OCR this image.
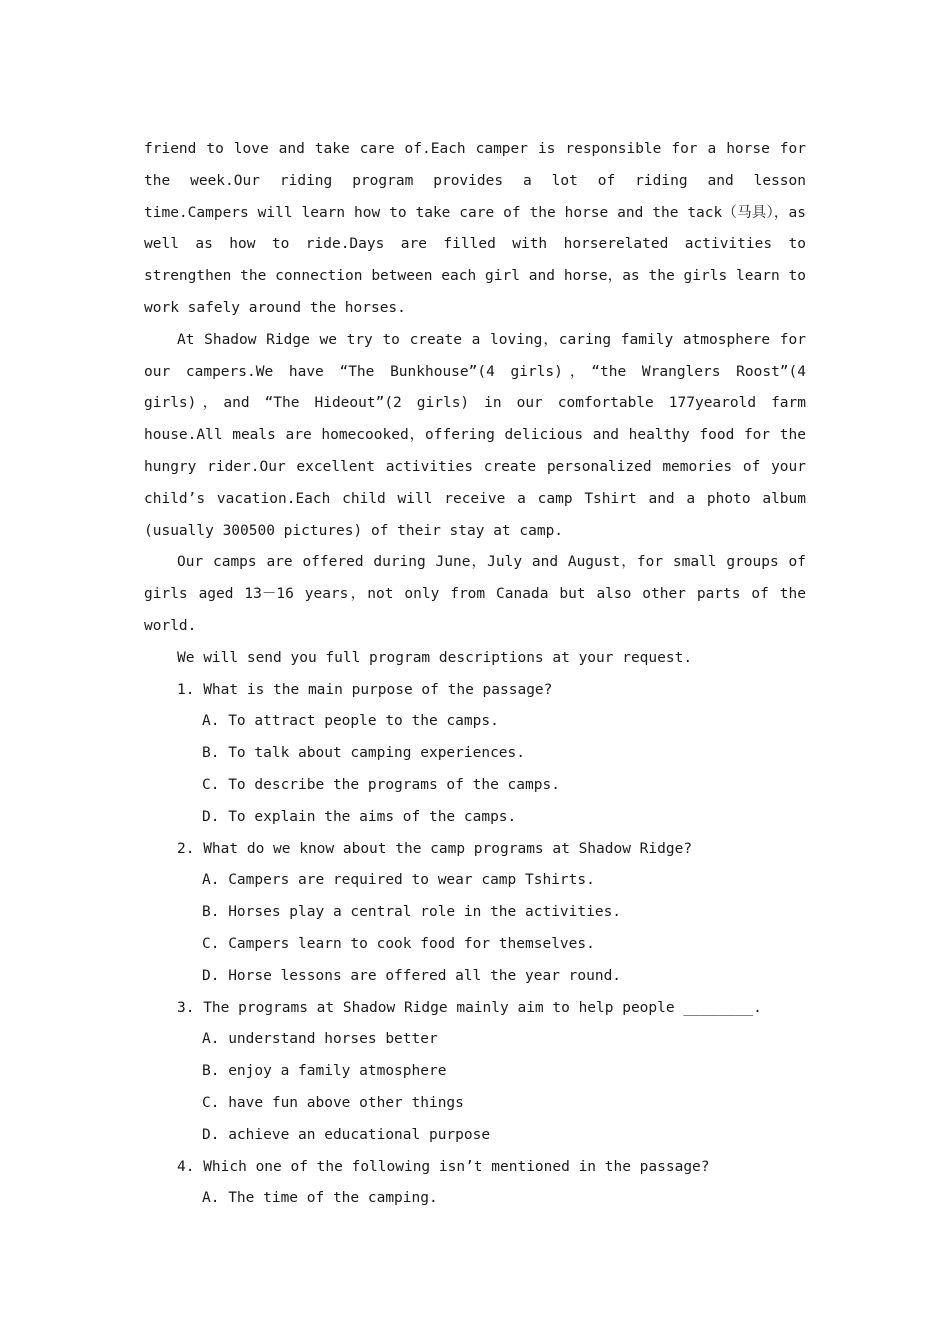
friend to love and take care of.Each camper is responsible for a horse for the week.Our riding program provides a lot of riding and lesson time.Campers will learn how to take care of the horse and the tack（马具），as well as how to ride.Days are filled with horserelated activities to strengthen the connection between each girl and horse，as the girls learn to work safely around the horses.

At Shadow Ridge we try to create a loving，caring family atmosphere for our campers.We have “The Bunkhouse”(4 girls)，“the Wranglers Roost”(4 girls)，and “The Hideout”(2 girls) in our comfortable 177yearold farm house.All meals are homecooked，offering delicious and healthy food for the hungry rider.Our excellent activities create personalized memories of your child’s vacation.Each child will receive a camp Tshirt and a photo album (usually 300500 pictures) of their stay at camp.

Our camps are offered during June，July and August，for small groups of girls aged 13－16 years，not only from Canada but also other parts of the world.

We will send you full program descriptions at your request.

1. What is the main purpose of the passage?

A. To attract people to the camps.

B. To talk about camping experiences.

C. To describe the programs of the camps.

D. To explain the aims of the camps.

2. What do we know about the camp programs at Shadow Ridge?

A. Campers are required to wear camp Tshirts.

B. Horses play a central role in the activities.

C. Campers learn to cook food for themselves.

D. Horse lessons are offered all the year round.

3. The programs at Shadow Ridge mainly aim to help people ________.

A. understand horses better

B. enjoy a family atmosphere

C. have fun above other things

D. achieve an educational purpose

4. Which one of the following isn’t mentioned in the passage?

A. The time of the camping.
